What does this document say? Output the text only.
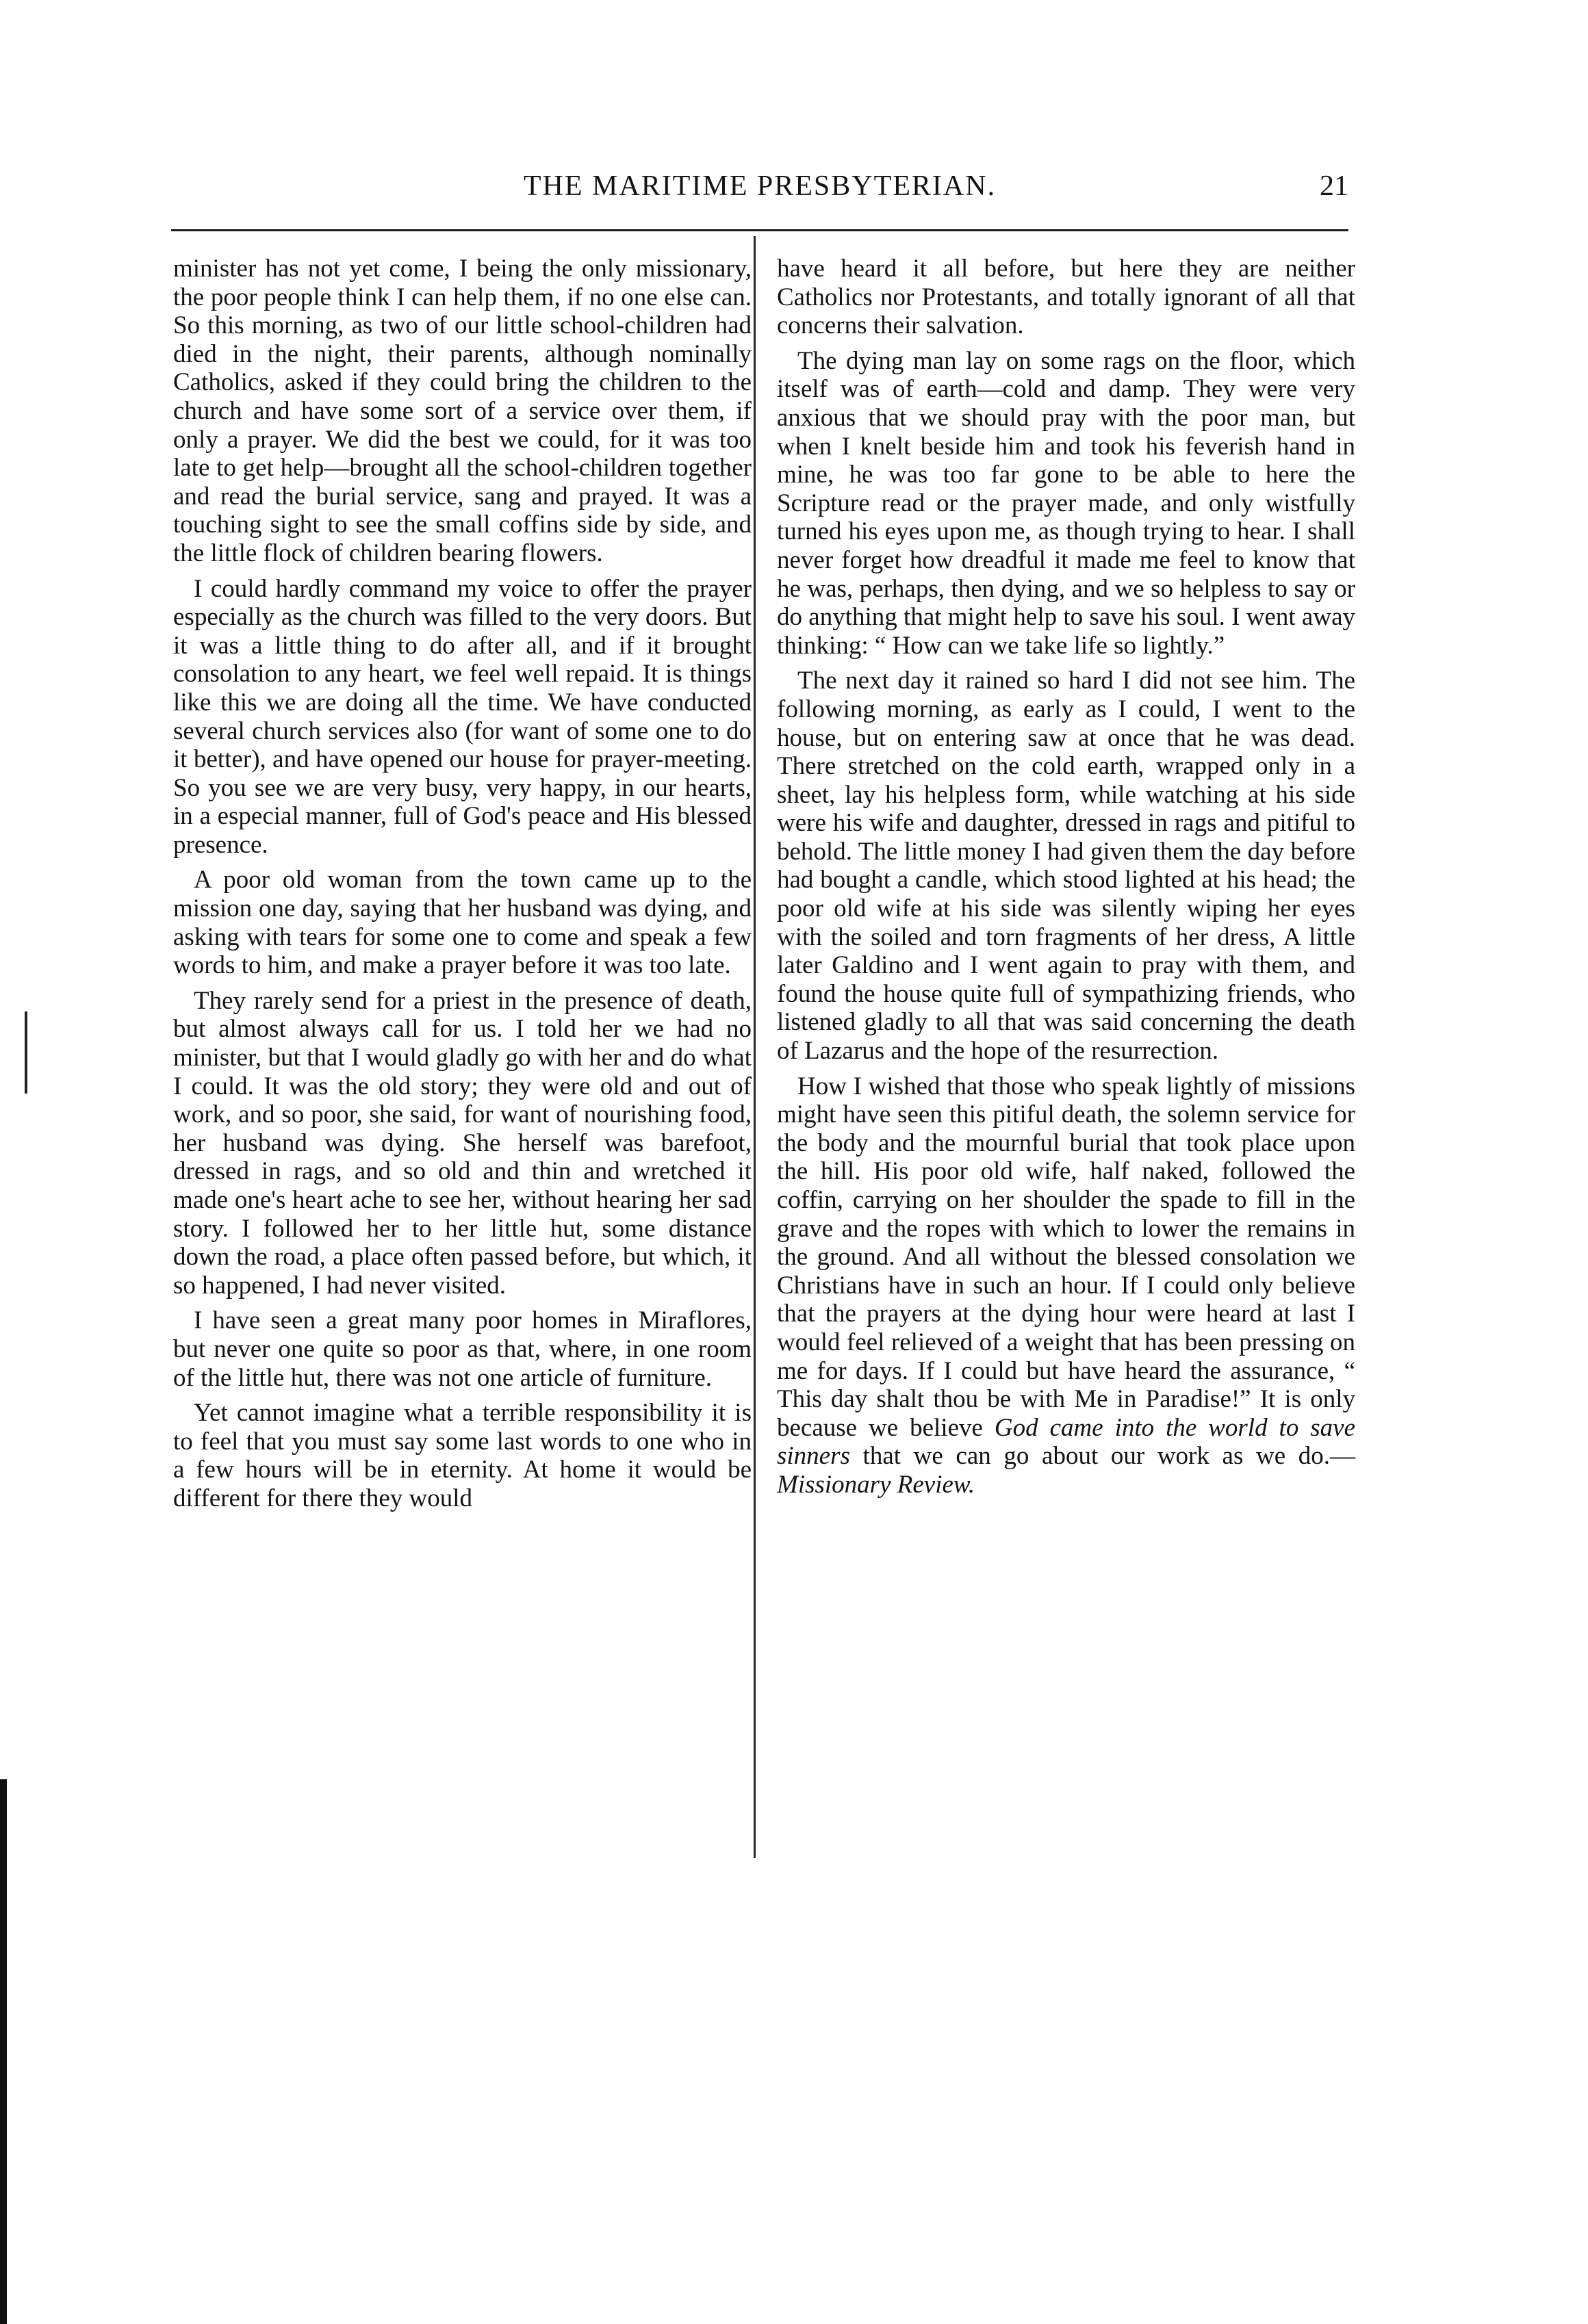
THE MARITIME PRESBYTERIAN.	21

minister has not yet come, I being the only missionary, the poor people think I can help them, if no one else can. So this morning, as two of our little school-children had died in the night, their parents, although nominally Catholics, asked if they could bring the children to the church and have some sort of a service over them, if only a prayer. We did the best we could, for it was too late to get help—brought all the school-children together and read the burial service, sang and prayed. It was a touching sight to see the small coffins side by side, and the little flock of children bearing flowers.

I could hardly command my voice to offer the prayer especially as the church was filled to the very doors. But it was a little thing to do after all, and if it brought consolation to any heart, we feel well repaid. It is things like this we are doing all the time. We have conducted several church services also (for want of some one to do it better), and have opened our house for prayer-meeting. So you see we are very busy, very happy, in our hearts, in a especial manner, full of God's peace and His blessed presence.

A poor old woman from the town came up to the mission one day, saying that her husband was dying, and asking with tears for some one to come and speak a few words to him, and make a prayer before it was too late.

They rarely send for a priest in the presence of death, but almost always call for us. I told her we had no minister, but that I would gladly go with her and do what I could. It was the old story; they were old and out of work, and so poor, she said, for want of nourishing food, her husband was dying. She herself was barefoot, dressed in rags, and so old and thin and wretched it made one's heart ache to see her, without hearing her sad story. I followed her to her little hut, some distance down the road, a place often passed before, but which, it so happened, I had never visited.

I have seen a great many poor homes in Miraflores, but never one quite so poor as that, where, in one room of the little hut, there was not one article of furniture.

Yet cannot imagine what a terrible responsibility it is to feel that you must say some last words to one who in a few hours will be in eternity. At home it would be different for there they would

have heard it all before, but here they are neither Catholics nor Protestants, and totally ignorant of all that concerns their salvation.

The dying man lay on some rags on the floor, which itself was of earth—cold and damp. They were very anxious that we should pray with the poor man, but when I knelt beside him and took his feverish hand in mine, he was too far gone to be able to here the Scripture read or the prayer made, and only wistfully turned his eyes upon me, as though trying to hear. I shall never forget how dreadful it made me feel to know that he was, perhaps, then dying, and we so helpless to say or do anything that might help to save his soul. I went away thinking: “ How can we take life so lightly.”

The next day it rained so hard I did not see him. The following morning, as early as I could, I went to the house, but on entering saw at once that he was dead. There stretched on the cold earth, wrapped only in a sheet, lay his helpless form, while watching at his side were his wife and daughter, dressed in rags and pitiful to behold. The little money I had given them the day before had bought a candle, which stood lighted at his head; the poor old wife at his side was silently wiping her eyes with the soiled and torn fragments of her dress, A little later Galdino and I went again to pray with them, and found the house quite full of sympathizing friends, who listened gladly to all that was said concerning the death of Lazarus and the hope of the resurrection.

How I wished that those who speak lightly of missions might have seen this pitiful death, the solemn service for the body and the mournful burial that took place upon the hill. His poor old wife, half naked, followed the coffin, carrying on her shoulder the spade to fill in the grave and the ropes with which to lower the remains in the ground. And all without the blessed consolation we Christians have in such an hour. If I could only believe that the prayers at the dying hour were heard at last I would feel relieved of a weight that has been pressing on me for days. If I could but have heard the assurance, “ This day shalt thou be with Me in Paradise!” It is only because we believe God came into the world to save sinners that we can go about our work as we do.—Missionary Review.
